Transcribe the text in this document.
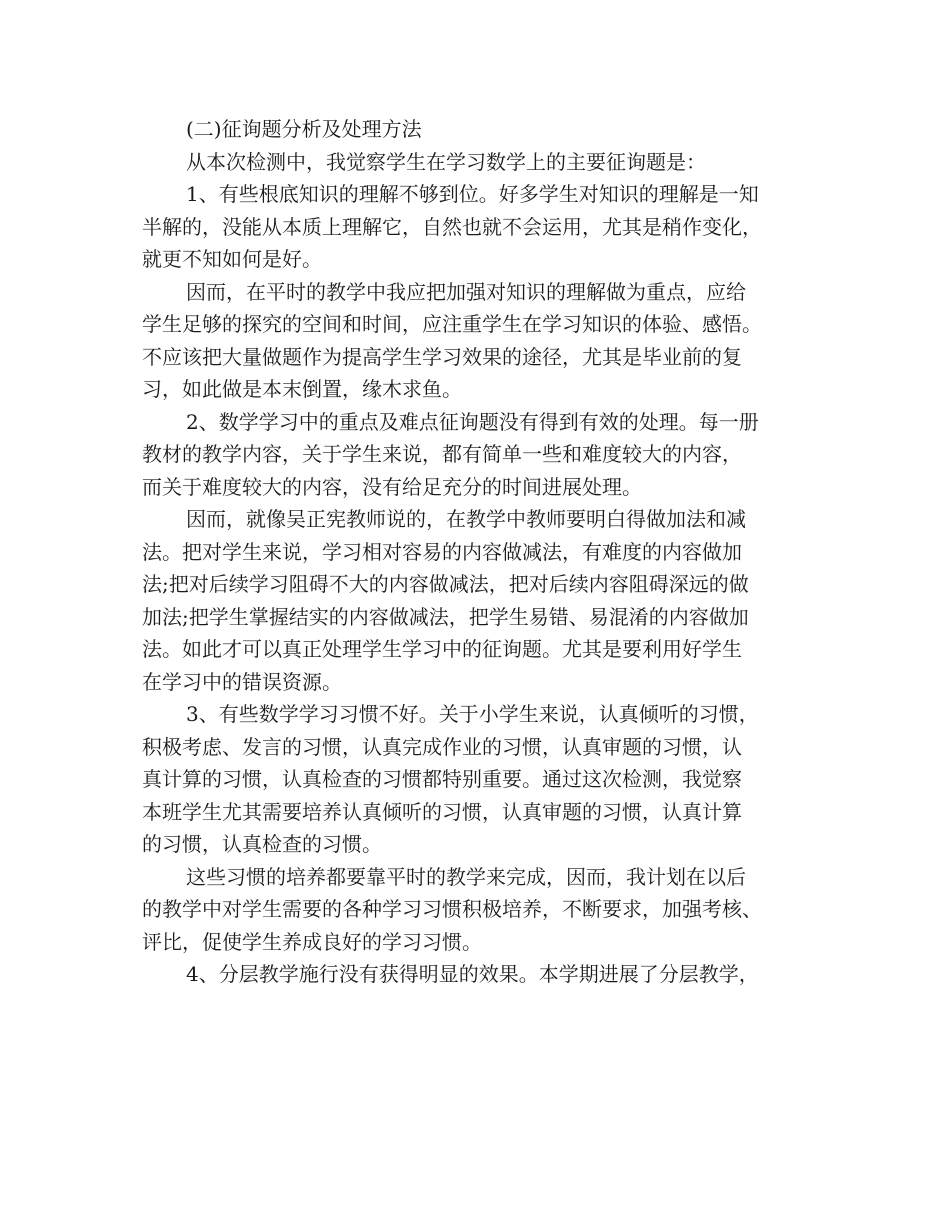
(二)征询题分析及处理方法

从本次检测中，我觉察学生在学习数学上的主要征询题是：

1、有些根底知识的理解不够到位。好多学生对知识的理解是一知
半解的，没能从本质上理解它，自然也就不会运用，尤其是稍作变化，
就更不知如何是好。

因而，在平时的教学中我应把加强对知识的理解做为重点，应给
学生足够的探究的空间和时间，应注重学生在学习知识的体验、感悟。
不应该把大量做题作为提高学生学习效果的途径，尤其是毕业前的复
习，如此做是本末倒置，缘木求鱼。

2、数学学习中的重点及难点征询题没有得到有效的处理。每一册
教材的教学内容，关于学生来说，都有简单一些和难度较大的内容，
而关于难度较大的内容，没有给足充分的时间进展处理。

因而，就像吴正宪教师说的，在教学中教师要明白得做加法和减
法。把对学生来说，学习相对容易的内容做减法，有难度的内容做加
法;把对后续学习阻碍不大的内容做减法，把对后续内容阻碍深远的做
加法;把学生掌握结实的内容做减法，把学生易错、易混淆的内容做加
法。如此才可以真正处理学生学习中的征询题。尤其是要利用好学生
在学习中的错误资源。

3、有些数学学习习惯不好。关于小学生来说，认真倾听的习惯，
积极考虑、发言的习惯，认真完成作业的习惯，认真审题的习惯，认
真计算的习惯，认真检查的习惯都特别重要。通过这次检测，我觉察
本班学生尤其需要培养认真倾听的习惯，认真审题的习惯，认真计算
的习惯，认真检查的习惯。

这些习惯的培养都要靠平时的教学来完成，因而，我计划在以后
的教学中对学生需要的各种学习习惯积极培养，不断要求，加强考核、
评比，促使学生养成良好的学习习惯。

4、分层教学施行没有获得明显的效果。本学期进展了分层教学，
